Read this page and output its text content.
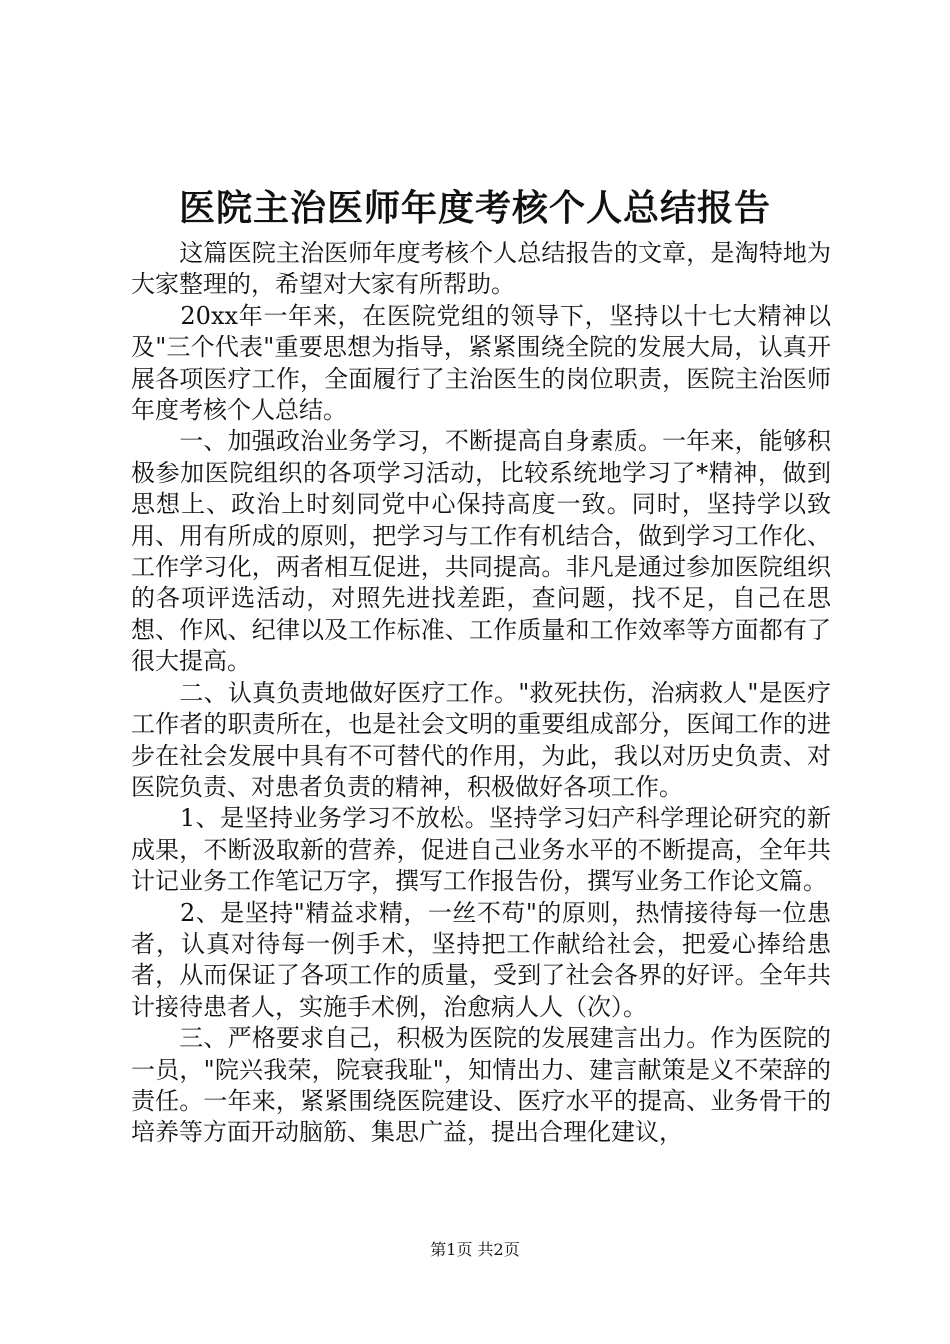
医院主治医师年度考核个人总结报告

　　这篇医院主治医师年度考核个人总结报告的文章，是淘特地为大家整理的，希望对大家有所帮助。

　　20xx年一年来，在医院党组的领导下，坚持以十七大精神以及"三个代表"重要思想为指导，紧紧围绕全院的发展大局，认真开展各项医疗工作，全面履行了主治医生的岗位职责，医院主治医师年度考核个人总结。

　　一、加强政治业务学习，不断提高自身素质。一年来，能够积极参加医院组织的各项学习活动，比较系统地学习了*精神，做到思想上、政治上时刻同党中心保持高度一致。同时，坚持学以致用、用有所成的原则，把学习与工作有机结合，做到学习工作化、工作学习化，两者相互促进，共同提高。非凡是通过参加医院组织的各项评选活动，对照先进找差距，查问题，找不足，自己在思想、作风、纪律以及工作标准、工作质量和工作效率等方面都有了很大提高。

　　二、认真负责地做好医疗工作。"救死扶伤，治病救人"是医疗工作者的职责所在，也是社会文明的重要组成部分，医闻工作的进步在社会发展中具有不可替代的作用，为此，我以对历史负责、对医院负责、对患者负责的精神，积极做好各项工作。

　　1、是坚持业务学习不放松。坚持学习妇产科学理论研究的新成果，不断汲取新的营养，促进自己业务水平的不断提高，全年共计记业务工作笔记万字，撰写工作报告份，撰写业务工作论文篇。

　　2、是坚持"精益求精，一丝不苟"的原则，热情接待每一位患者，认真对待每一例手术，坚持把工作献给社会，把爱心捧给患者，从而保证了各项工作的质量，受到了社会各界的好评。全年共计接待患者人，实施手术例，治愈病人人（次）。

　　三、严格要求自己，积极为医院的发展建言出力。作为医院的一员，"院兴我荣，院衰我耻"，知情出力、建言献策是义不荣辞的责任。一年来，紧紧围绕医院建设、医疗水平的提高、业务骨干的培养等方面开动脑筋、集思广益，提出合理化建议，

第1页 共2页
